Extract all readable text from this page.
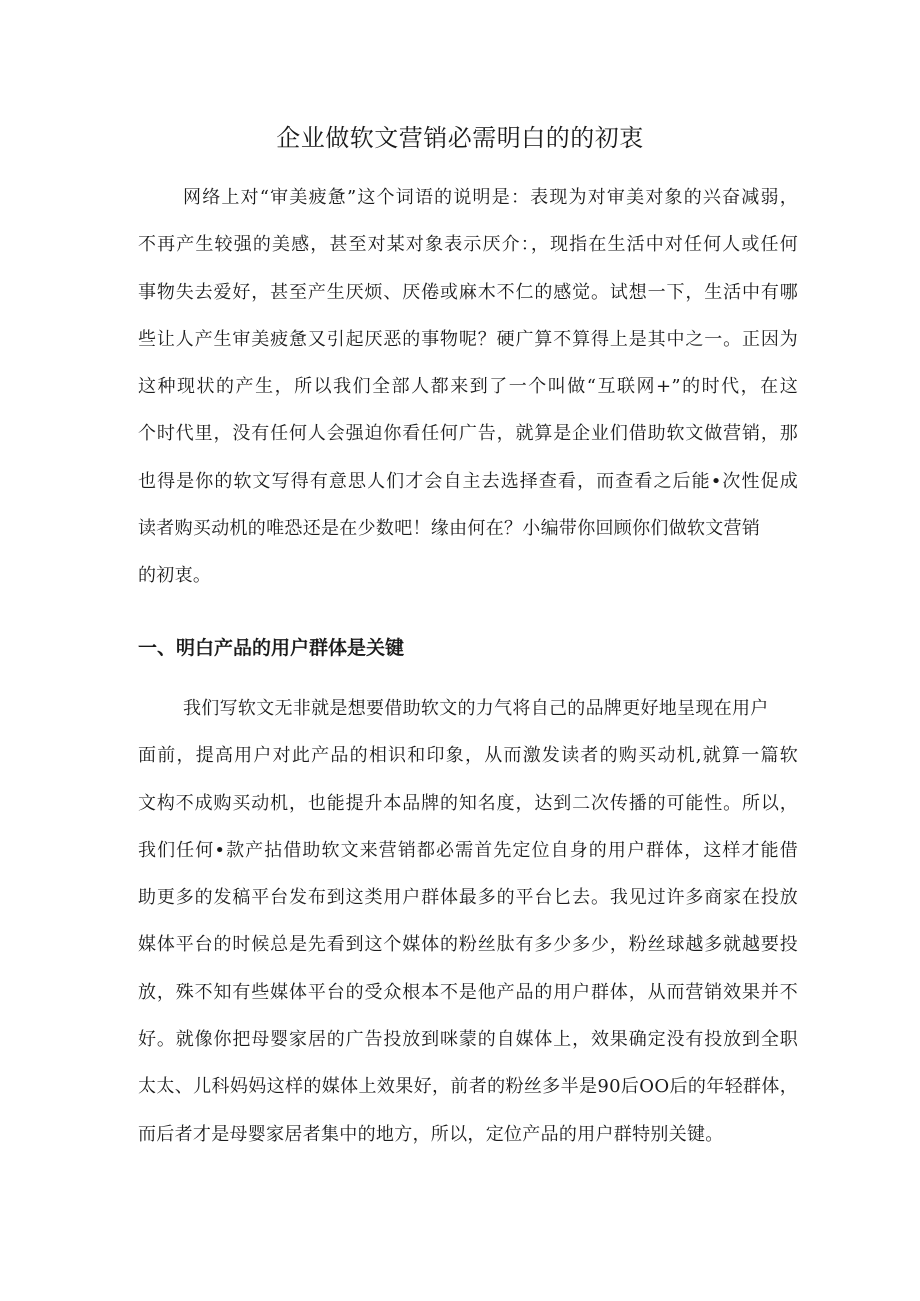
企业做软文营销必需明白的的初衷
网络上对“审美疲惫”这个词语的说明是：表现为对审美对象的兴奋减弱，
不再产生较强的美感，甚至对某对象表示厌介：，现指在生活中对任何人或任何
事物失去爱好，甚至产生厌烦、厌倦或麻木不仁的感觉。试想一下，生活中有哪
些让人产生审美疲惫又引起厌恶的事物呢？硬广算不算得上是其中之一。正因为
这种现状的产生，所以我们全部人都来到了一个叫做“互联网+”的时代，在这
个时代里，没有任何人会强迫你看任何广告，就算是企业们借助软文做营销，那
也得是你的软文写得有意思人们才会自主去选择查看，而查看之后能•次性促成
读者购买动机的唯恐还是在少数吧！缘由何在？小编带你回顾你们做软文营销
的初衷。
一、明白产品的用户群体是关键
我们写软文无非就是想要借助软文的力气将自己的品牌更好地呈现在用户
面前，提高用户对此产品的相识和印象，从而激发读者的购买动机,就算一篇软
文构不成购买动机，也能提升本品牌的知名度，达到二次传播的可能性。所以，
我们任何•款产拈借助软文来营销都必需首先定位自身的用户群体，这样才能借
助更多的发稿平台发布到这类用户群体最多的平台匕去。我见过许多商家在投放
媒体平台的时候总是先看到这个媒体的粉丝肽有多少多少，粉丝球越多就越要投
放，殊不知有些媒体平台的受众根本不是他产品的用户群体，从而营销效果并不
好。就像你把母婴家居的广告投放到咪蒙的自媒体上，效果确定没有投放到全职
太太、儿科妈妈这样的媒体上效果好，前者的粉丝多半是90后OO后的年轻群体，
而后者才是母婴家居者集中的地方，所以，定位产品的用户群特别关键。
